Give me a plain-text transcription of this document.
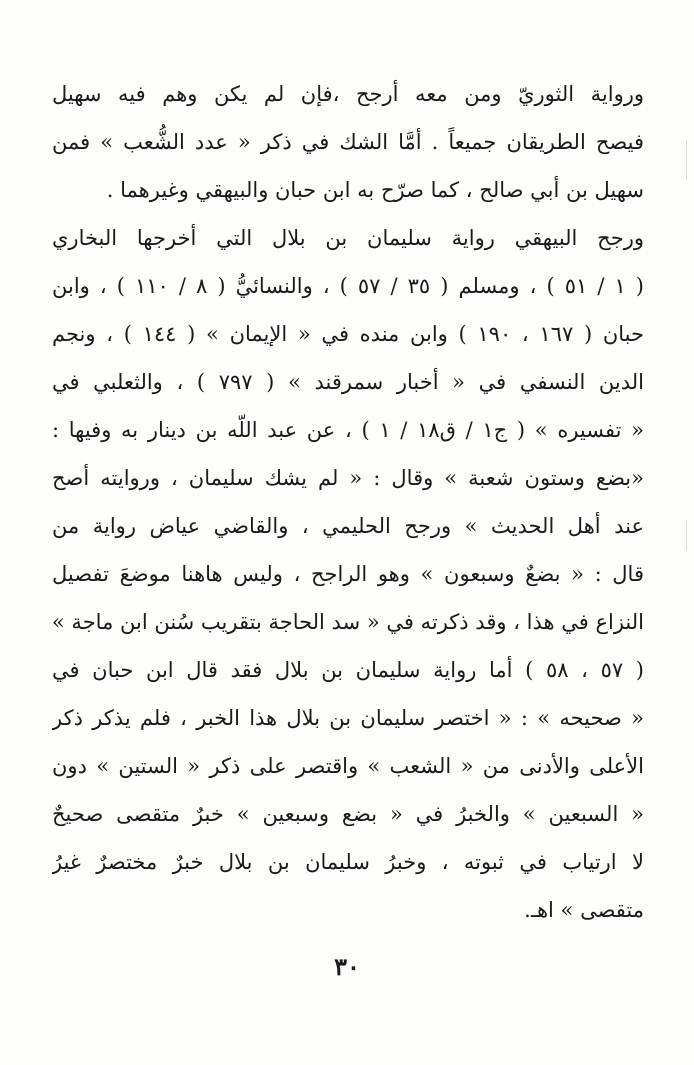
ورواية الثوريّ ومن معه أرجح ،فإن لم يكن وهم فيه سهيل
فيصح الطريقان جميعاً . أمَّا الشك في ذكر « عدد الشُّعب » فمن
سهيل بن أبي صالح ، كما صرّح به ابن حبان والبيهقي وغيرهما .
ورجح البيهقي رواية سليمان بن بلال التي أخرجها البخاري
( ١ / ٥١ ) ، ومسلم ( ٣٥ / ٥٧ ) ، والنسائيُّ ( ٨ / ١١٠ ) ، وابن
حبان ( ١٦٧ ، ١٩٠ ) وابن منده في « الإيمان » ( ١٤٤ ) ، ونجم
الدين النسفي في « أخبار سمرقند » ( ٧٩٧ ) ، والثعلبي في
« تفسيره » ( ج١ / ق١٨ / ١ ) ، عن عبد اللّه بن دينار به وفيها :
«بضع وستون شعبة » وقال : « لم يشك سليمان ، وروايته أصح
عند أهل الحديث » ورجح الحليمي ، والقاضي عياض رواية من
قال : « بضعٌ وسبعون » وهو الراجح ، وليس هاهنا موضعَ تفصيل
النزاع في هذا ، وقد ذكرته في « سد الحاجة بتقريب سُنن ابن ماجة »
( ٥٧ ، ٥٨ ) أما رواية سليمان بن بلال فقد قال ابن حبان في
« صحيحه » : « اختصر سليمان بن بلال هذا الخبر ، فلم يذكر ذكر
الأعلى والأدنى من « الشعب » واقتصر على ذكر « الستين » دون
« السبعين » والخبرُ في « بضع وسبعين » خبرٌ متقصى صحيحٌ
لا ارتياب في ثبوته ، وخبرُ سليمان بن بلال خبرٌ مختصرٌ غيرُ
متقصى » اهـ.
٣٠
